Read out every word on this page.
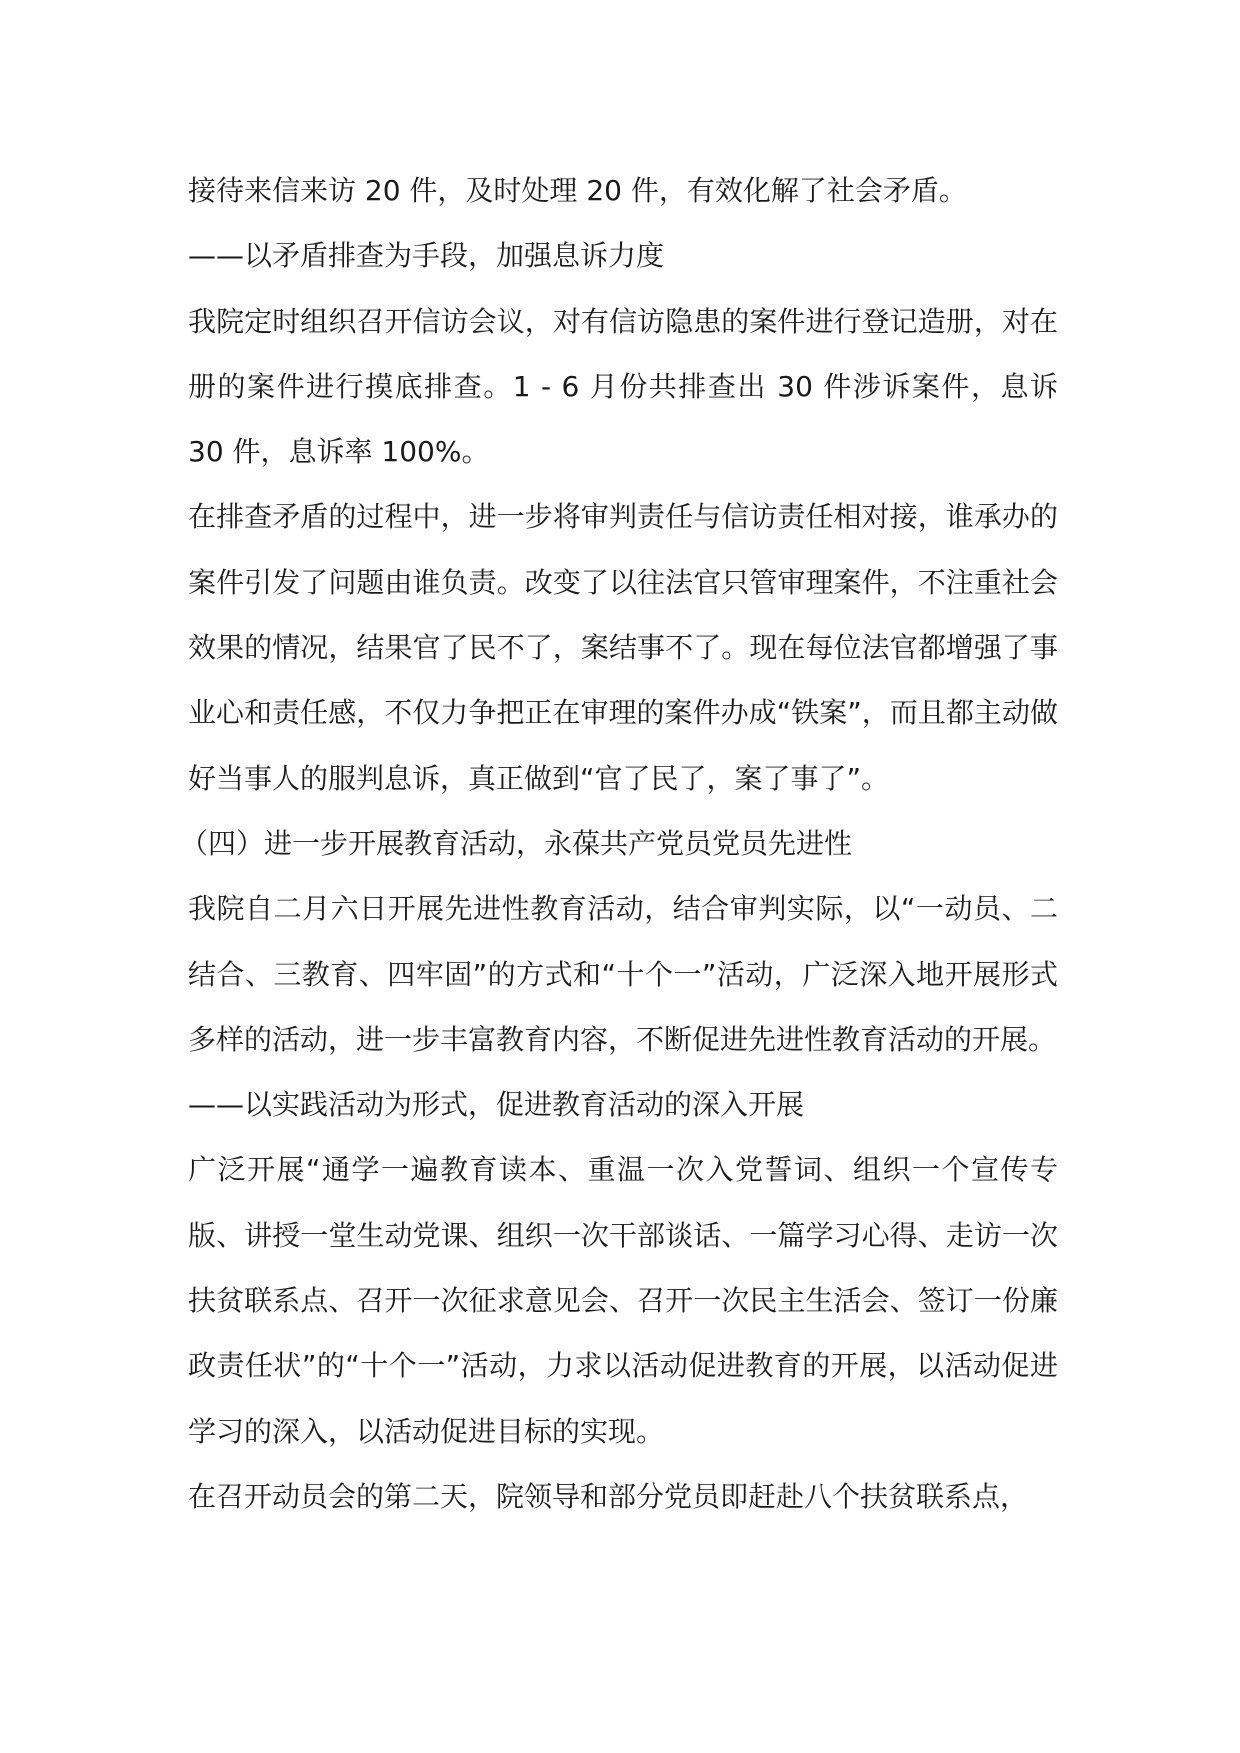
接待来信来访 20 件，及时处理 20 件，有效化解了社会矛盾。

——以矛盾排查为手段，加强息诉力度

我院定时组织召开信访会议，对有信访隐患的案件进行登记造册，对在册的案件进行摸底排查。1 - 6 月份共排查出 30 件涉诉案件，息诉 30 件，息诉率 100%。

在排查矛盾的过程中，进一步将审判责任与信访责任相对接，谁承办的案件引发了问题由谁负责。改变了以往法官只管审理案件，不注重社会效果的情况，结果官了民不了，案结事不了。现在每位法官都增强了事业心和责任感，不仅力争把正在审理的案件办成“铁案”，而且都主动做好当事人的服判息诉，真正做到“官了民了，案了事了”。

（四）进一步开展教育活动，永葆共产党员党员先进性

我院自二月六日开展先进性教育活动，结合审判实际，以“一动员、二结合、三教育、四牢固”的方式和“十个一”活动，广泛深入地开展形式多样的活动，进一步丰富教育内容，不断促进先进性教育活动的开展。

——以实践活动为形式，促进教育活动的深入开展

广泛开展“通学一遍教育读本、重温一次入党誓词、组织一个宣传专版、讲授一堂生动党课、组织一次干部谈话、一篇学习心得、走访一次扶贫联系点、召开一次征求意见会、召开一次民主生活会、签订一份廉政责任状”的“十个一”活动，力求以活动促进教育的开展，以活动促进学习的深入，以活动促进目标的实现。

在召开动员会的第二天，院领导和部分党员即赶赴八个扶贫联系点，
